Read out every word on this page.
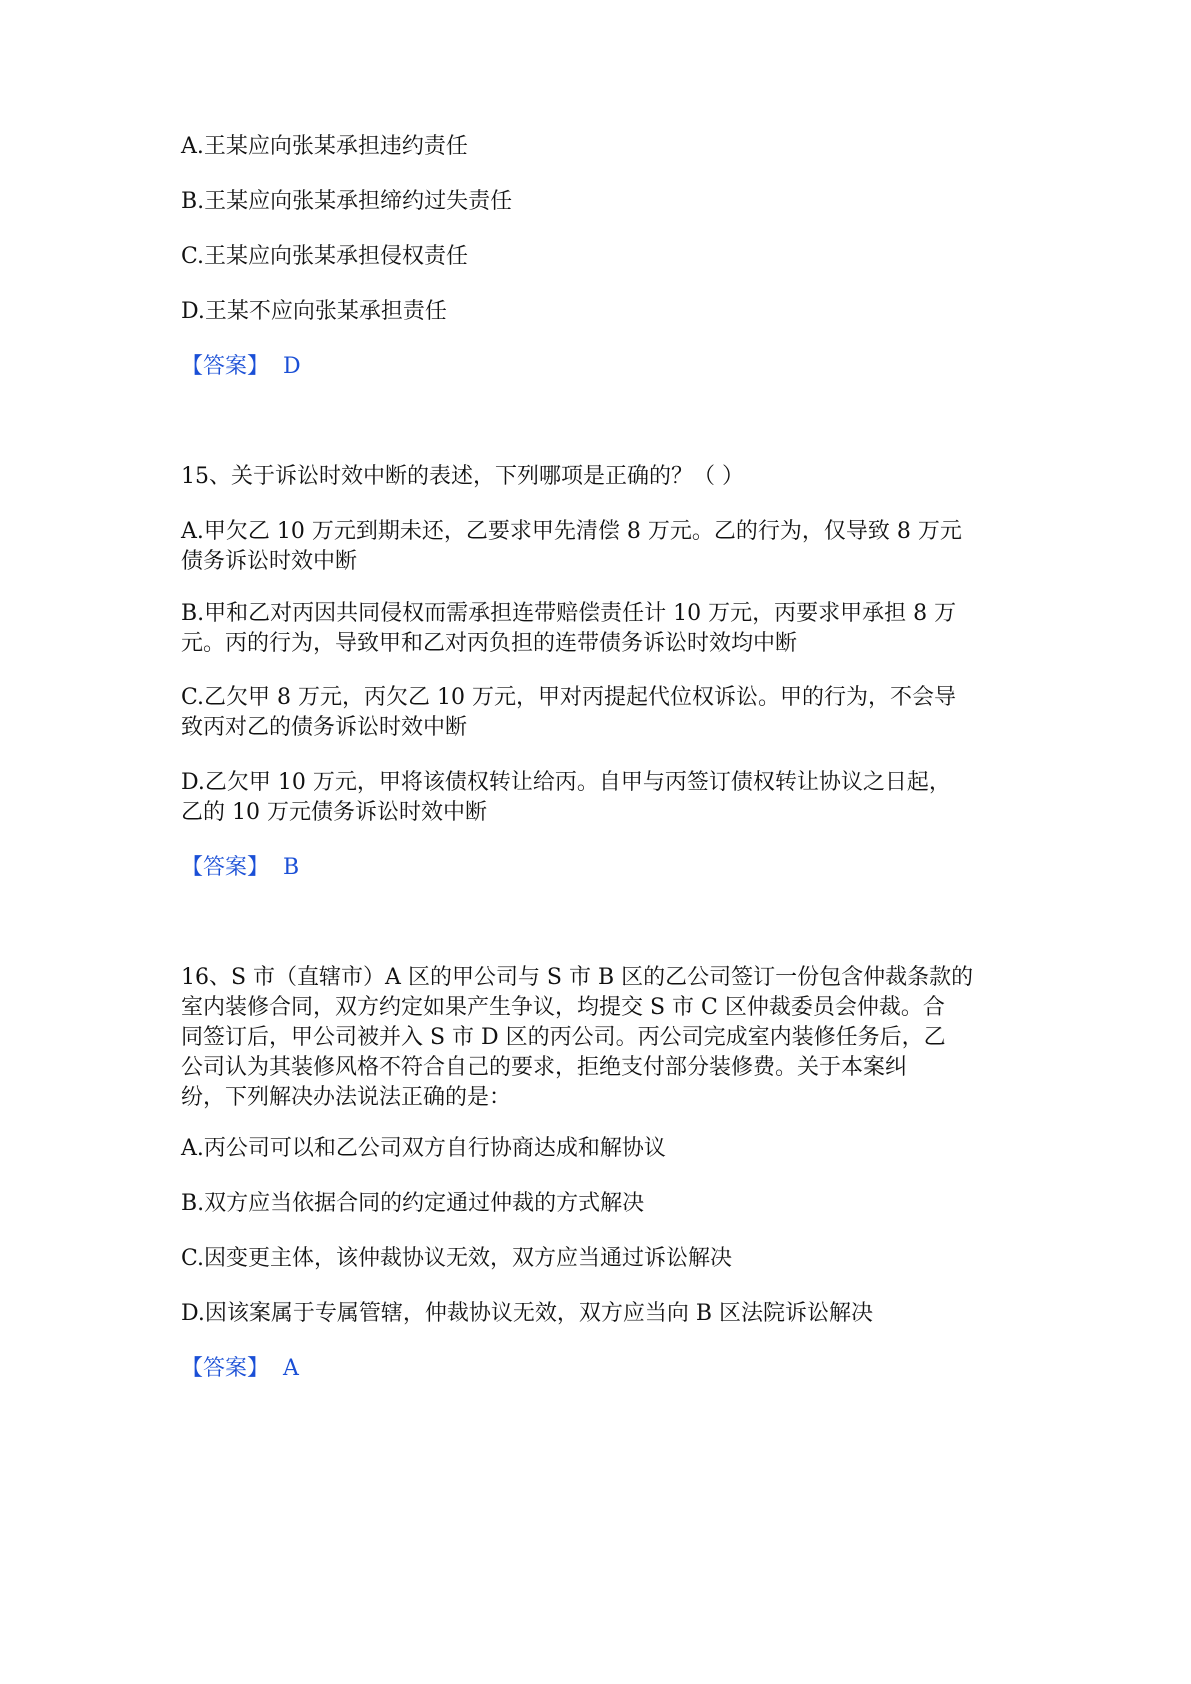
A.王某应向张某承担违约责任
B.王某应向张某承担缔约过失责任
C.王某应向张某承担侵权责任
D.王某不应向张某承担责任
【答案】 D
15、关于诉讼时效中断的表述，下列哪项是正确的？（ ）
A.甲欠乙 10 万元到期未还，乙要求甲先清偿 8 万元。乙的行为，仅导致 8 万元
债务诉讼时效中断
B.甲和乙对丙因共同侵权而需承担连带赔偿责任计 10 万元，丙要求甲承担 8 万
元。丙的行为，导致甲和乙对丙负担的连带债务诉讼时效均中断
C.乙欠甲 8 万元，丙欠乙 10 万元，甲对丙提起代位权诉讼。甲的行为，不会导
致丙对乙的债务诉讼时效中断
D.乙欠甲 10 万元，甲将该债权转让给丙。自甲与丙签订债权转让协议之日起，
乙的 10 万元债务诉讼时效中断
【答案】 B
16、S 市（直辖市）A 区的甲公司与 S 市 B 区的乙公司签订一份包含仲裁条款的
室内装修合同，双方约定如果产生争议，均提交 S 市 C 区仲裁委员会仲裁。合
同签订后，甲公司被并入 S 市 D 区的丙公司。丙公司完成室内装修任务后，乙
公司认为其装修风格不符合自己的要求，拒绝支付部分装修费。关于本案纠
纷，下列解决办法说法正确的是：
A.丙公司可以和乙公司双方自行协商达成和解协议
B.双方应当依据合同的约定通过仲裁的方式解决
C.因变更主体，该仲裁协议无效，双方应当通过诉讼解决
D.因该案属于专属管辖，仲裁协议无效，双方应当向 B 区法院诉讼解决
【答案】 A
